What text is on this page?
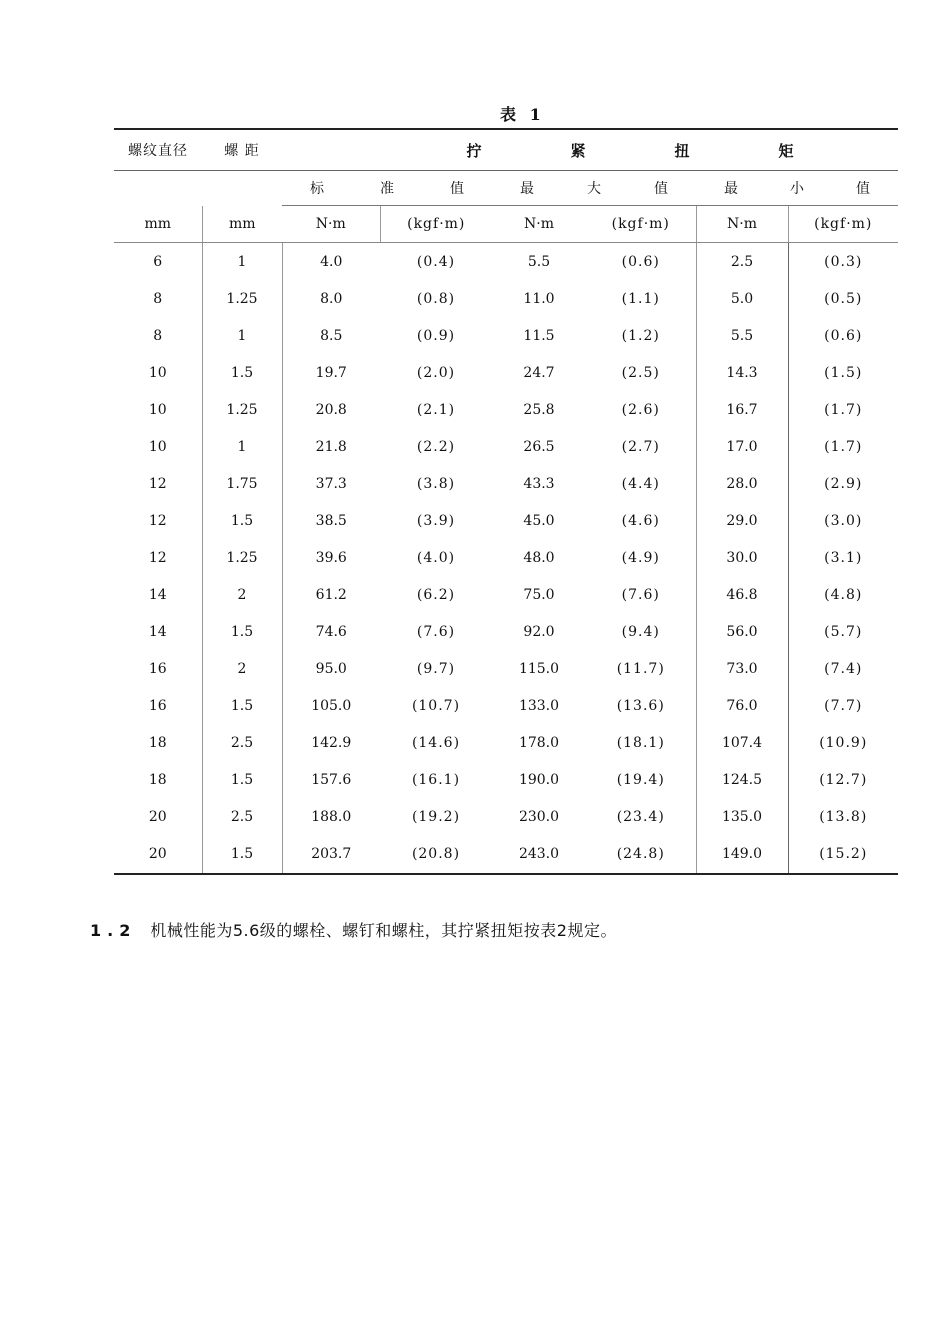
表 1
螺纹直径	螺 距	拧 紧 扭 矩					

		标 准 值		最 大 值		最 小 值	

mm	mm	N·m	(kgf·m)	N·m	(kgf·m)	N·m	(kgf·m)
6	1	4.0	(0.4)	5.5	(0.6)	2.5	(0.3)
8	1.25	8.0	(0.8)	11.0	(1.1)	5.0	(0.5)
8	1	8.5	(0.9)	11.5	(1.2)	5.5	(0.6)
10	1.5	19.7	(2.0)	24.7	(2.5)	14.3	(1.5)
10	1.25	20.8	(2.1)	25.8	(2.6)	16.7	(1.7)
10	1	21.8	(2.2)	26.5	(2.7)	17.0	(1.7)
12	1.75	37.3	(3.8)	43.3	(4.4)	28.0	(2.9)
12	1.5	38.5	(3.9)	45.0	(4.6)	29.0	(3.0)
12	1.25	39.6	(4.0)	48.0	(4.9)	30.0	(3.1)
14	2	61.2	(6.2)	75.0	(7.6)	46.8	(4.8)
14	1.5	74.6	(7.6)	92.0	(9.4)	56.0	(5.7)
16	2	95.0	(9.7)	115.0	(11.7)	73.0	(7.4)
16	1.5	105.0	(10.7)	133.0	(13.6)	76.0	(7.7)
18	2.5	142.9	(14.6)	178.0	(18.1)	107.4	(10.9)
18	1.5	157.6	(16.1)	190.0	(19.4)	124.5	(12.7)
20	2.5	188.0	(19.2)	230.0	(23.4)	135.0	(13.8)
20	1.5	203.7	(20.8)	243.0	(24.8)	149.0	(15.2)
1.2 机械性能为5.6级的螺栓、螺钉和螺柱，其拧紧扭矩按表2规定。
